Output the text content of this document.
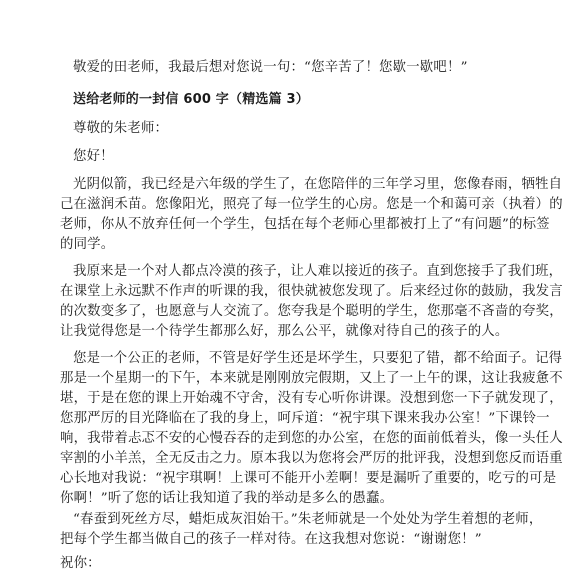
敬爱的田老师，我最后想对您说一句：“您辛苦了！您歇一歇吧！”
送给老师的一封信 600 字（精选篇 3）
尊敬的朱老师：
您好！
光阴似箭，我已经是六年级的学生了，在您陪伴的三年学习里，您像春雨，牺牲自
己在滋润禾苗。您像阳光，照亮了每一位学生的心房。您是一个和蔼可亲（执着）的
老师，你从不放弃任何一个学生，包括在每个老师心里都被打上了“有问题”的标签
的同学。
我原来是一个对人都点冷漠的孩子，让人难以接近的孩子。直到您接手了我们班，
在课堂上永远默不作声的听课的我，很快就被您发现了。后来经过你的鼓励，我发言
的次数变多了，也愿意与人交流了。您夸我是个聪明的学生，您那毫不吝啬的夸奖，
让我觉得您是一个待学生都那么好，那么公平，就像对待自己的孩子的人。
您是一个公正的老师，不管是好学生还是坏学生，只要犯了错，都不给面子。记得
那是一个星期一的下午，本来就是刚刚放完假期，又上了一上午的课，这让我疲惫不
堪，于是在您的课上开始魂不守舍，没有专心听你讲课。没想到您一下子就发现了，
您那严厉的目光降临在了我的身上，呵斥道：“祝宇琪下课来我办公室！”下课铃一
响，我带着忐忑不安的心慢吞吞的走到您的办公室，在您的面前低着头，像一头任人
宰割的小羊羔，全无反击之力。原本我以为您将会严厉的批评我，没想到您反而语重
心长地对我说：“祝宇琪啊！上课可不能开小差啊！要是漏听了重要的，吃亏的可是
你啊！”听了您的话让我知道了我的举动是多么的愚蠢。
“春蚕到死丝方尽，蜡炬成灰泪始干。”朱老师就是一个处处为学生着想的老师，
把每个学生都当做自己的孩子一样对待。在这我想对您说：“谢谢您！”
祝你：
